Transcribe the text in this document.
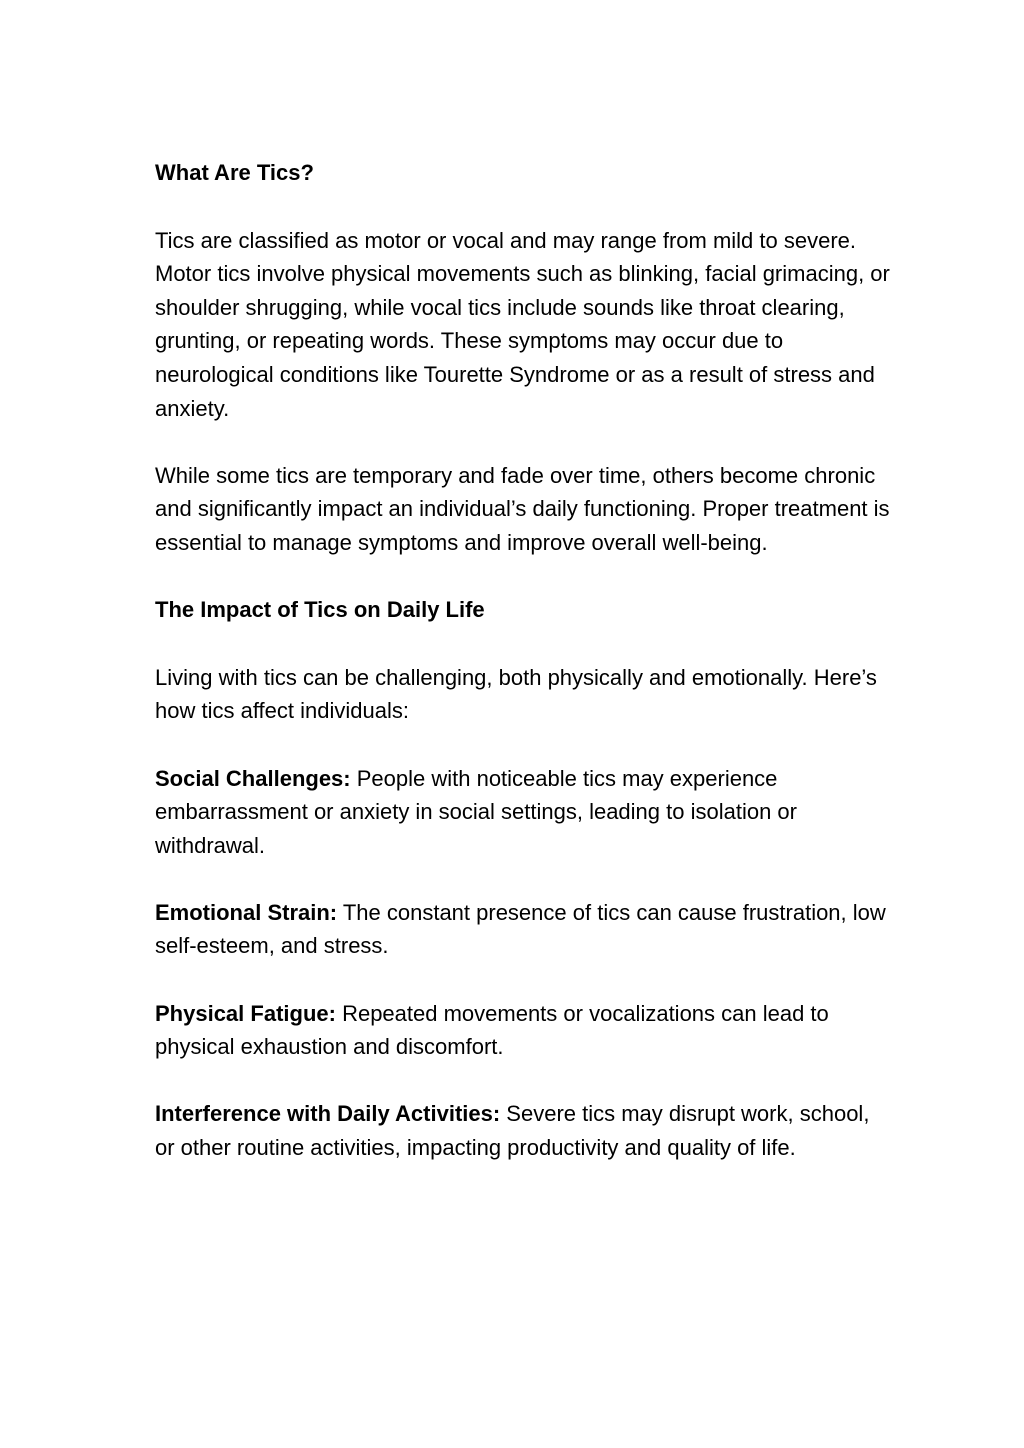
What Are Tics?

Tics are classified as motor or vocal and may range from mild to severe. Motor tics involve physical movements such as blinking, facial grimacing, or shoulder shrugging, while vocal tics include sounds like throat clearing, grunting, or repeating words. These symptoms may occur due to neurological conditions like Tourette Syndrome or as a result of stress and anxiety.

While some tics are temporary and fade over time, others become chronic and significantly impact an individual’s daily functioning. Proper treatment is essential to manage symptoms and improve overall well-being.

The Impact of Tics on Daily Life

Living with tics can be challenging, both physically and emotionally. Here’s how tics affect individuals:

Social Challenges: People with noticeable tics may experience embarrassment or anxiety in social settings, leading to isolation or withdrawal.

Emotional Strain: The constant presence of tics can cause frustration, low self-esteem, and stress.

Physical Fatigue: Repeated movements or vocalizations can lead to physical exhaustion and discomfort.

Interference with Daily Activities: Severe tics may disrupt work, school, or other routine activities, impacting productivity and quality of life.
